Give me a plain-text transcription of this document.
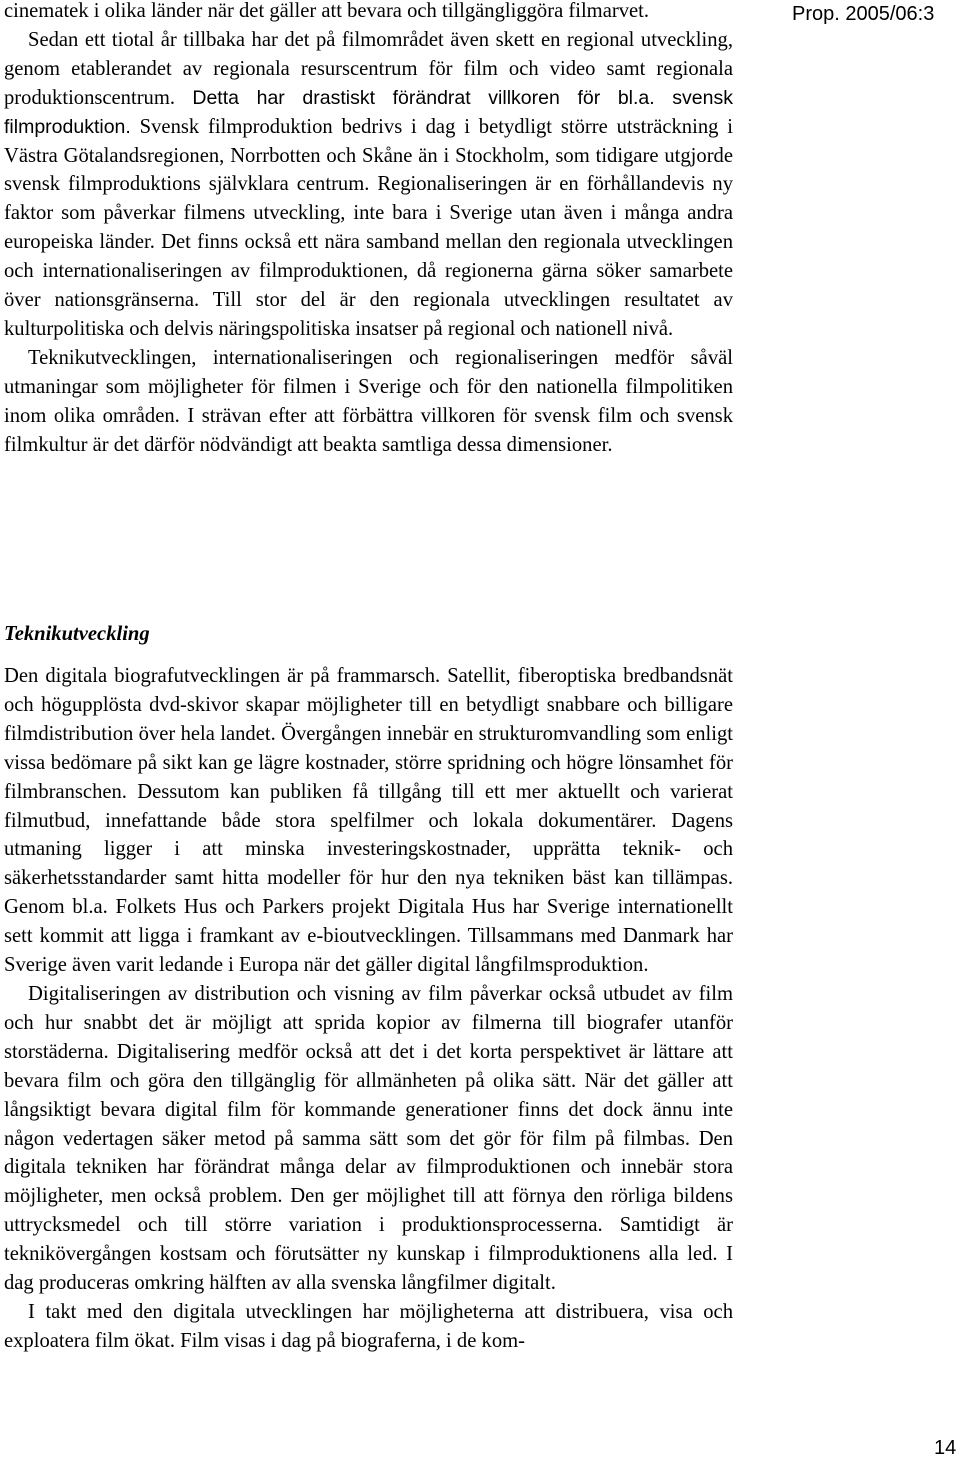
Prop. 2005/06:3

cinematek i olika länder när det gäller att bevara och tillgängliggöra filmarvet.

Sedan ett tiotal år tillbaka har det på filmområdet även skett en regional utveckling, genom etablerandet av regionala resurscentrum för film och video samt regionala produktionscentrum. Detta har drastiskt förändrat villkoren för bl.a. svensk filmproduktion. Svensk filmproduktion bedrivs i dag i betydligt större utsträckning i Västra Götalandsregionen, Norrbotten och Skåne än i Stockholm, som tidigare utgjorde svensk filmproduktions självklara centrum. Regionaliseringen är en förhållandevis ny faktor som påverkar filmens utveckling, inte bara i Sverige utan även i många andra europeiska länder. Det finns också ett nära samband mellan den regionala utvecklingen och internationaliseringen av filmproduktionen, då regionerna gärna söker samarbete över nationsgränserna. Till stor del är den regionala utvecklingen resultatet av kulturpolitiska och delvis näringspolitiska insatser på regional och nationell nivå.

Teknikutvecklingen, internationaliseringen och regionaliseringen medför såväl utmaningar som möjligheter för filmen i Sverige och för den nationella filmpolitiken inom olika områden. I strävan efter att förbättra villkoren för svensk film och svensk filmkultur är det därför nödvändigt att beakta samtliga dessa dimensioner.

Teknikutveckling

Den digitala biografutvecklingen är på frammarsch. Satellit, fiberoptiska bredbandsnät och högupplösta dvd-skivor skapar möjligheter till en betydligt snabbare och billigare filmdistribution över hela landet. Övergången innebär en strukturomvandling som enligt vissa bedömare på sikt kan ge lägre kostnader, större spridning och högre lönsamhet för filmbranschen. Dessutom kan publiken få tillgång till ett mer aktuellt och varierat filmutbud, innefattande både stora spelfilmer och lokala dokumentärer. Dagens utmaning ligger i att minska investeringskostnader, upprätta teknik- och säkerhetsstandarder samt hitta modeller för hur den nya tekniken bäst kan tillämpas. Genom bl.a. Folkets Hus och Parkers projekt Digitala Hus har Sverige internationellt sett kommit att ligga i framkant av e-bioutvecklingen. Tillsammans med Danmark har Sverige även varit ledande i Europa när det gäller digital långfilmsproduktion.

Digitaliseringen av distribution och visning av film påverkar också utbudet av film och hur snabbt det är möjligt att sprida kopior av filmerna till biografer utanför storstäderna. Digitalisering medför också att det i det korta perspektivet är lättare att bevara film och göra den tillgänglig för allmänheten på olika sätt. När det gäller att långsiktigt bevara digital film för kommande generationer finns det dock ännu inte någon vedertagen säker metod på samma sätt som det gör för film på filmbas. Den digitala tekniken har förändrat många delar av filmproduktionen och innebär stora möjligheter, men också problem. Den ger möjlighet till att förnya den rörliga bildens uttrycksmedel och till större variation i produktionsprocesserna. Samtidigt är teknikövergången kostsam och förutsätter ny kunskap i filmproduktionens alla led. I dag produceras omkring hälften av alla svenska långfilmer digitalt.

I takt med den digitala utvecklingen har möjligheterna att distribuera, visa och exploatera film ökat. Film visas i dag på biograferna, i de kom-

14
